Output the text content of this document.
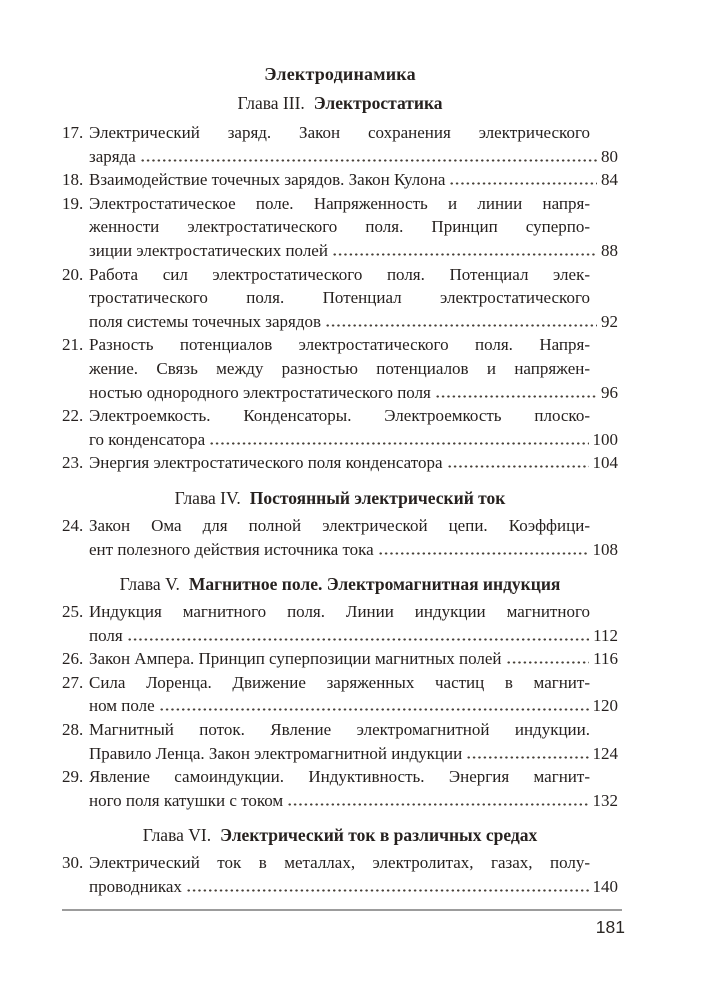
Электродинамика
Глава III. Электростатика
17. Электрический заряд. Закон сохранения электрического
заряда	80
18. Взаимодействие точечных зарядов. Закон Кулона	84
19. Электростатическое поле. Напряженность и линии напря-
женности электростатического поля. Принцип суперпо-
зиции электростатических полей	88
20. Работа сил электростатического поля. Потенциал элек-
тростатического поля. Потенциал электростатического
поля системы точечных зарядов	92
21. Разность потенциалов электростатического поля. Напря-
жение. Связь между разностью потенциалов и напряжен-
ностью однородного электростатического поля	96
22. Электроемкость. Конденсаторы. Электроемкость плоско-
го конденсатора	100
23. Энергия электростатического поля конденсатора	104
Глава IV. Постоянный электрический ток
24. Закон Ома для полной электрической цепи. Коэффици-
ент полезного действия источника тока	108
Глава V. Магнитное поле. Электромагнитная индукция
25. Индукция магнитного поля. Линии индукции магнитного
поля	112
26. Закон Ампера. Принцип суперпозиции магнитных полей	116
27. Сила Лоренца. Движение заряженных частиц в магнит-
ном поле	120
28. Магнитный поток. Явление электромагнитной индукции.
Правило Ленца. Закон электромагнитной индукции	124
29. Явление самоиндукции. Индуктивность. Энергия магнит-
ного поля катушки с током	132
Глава VI. Электрический ток в различных средах
30. Электрический ток в металлах, электролитах, газах, полу-
проводниках	140
181
